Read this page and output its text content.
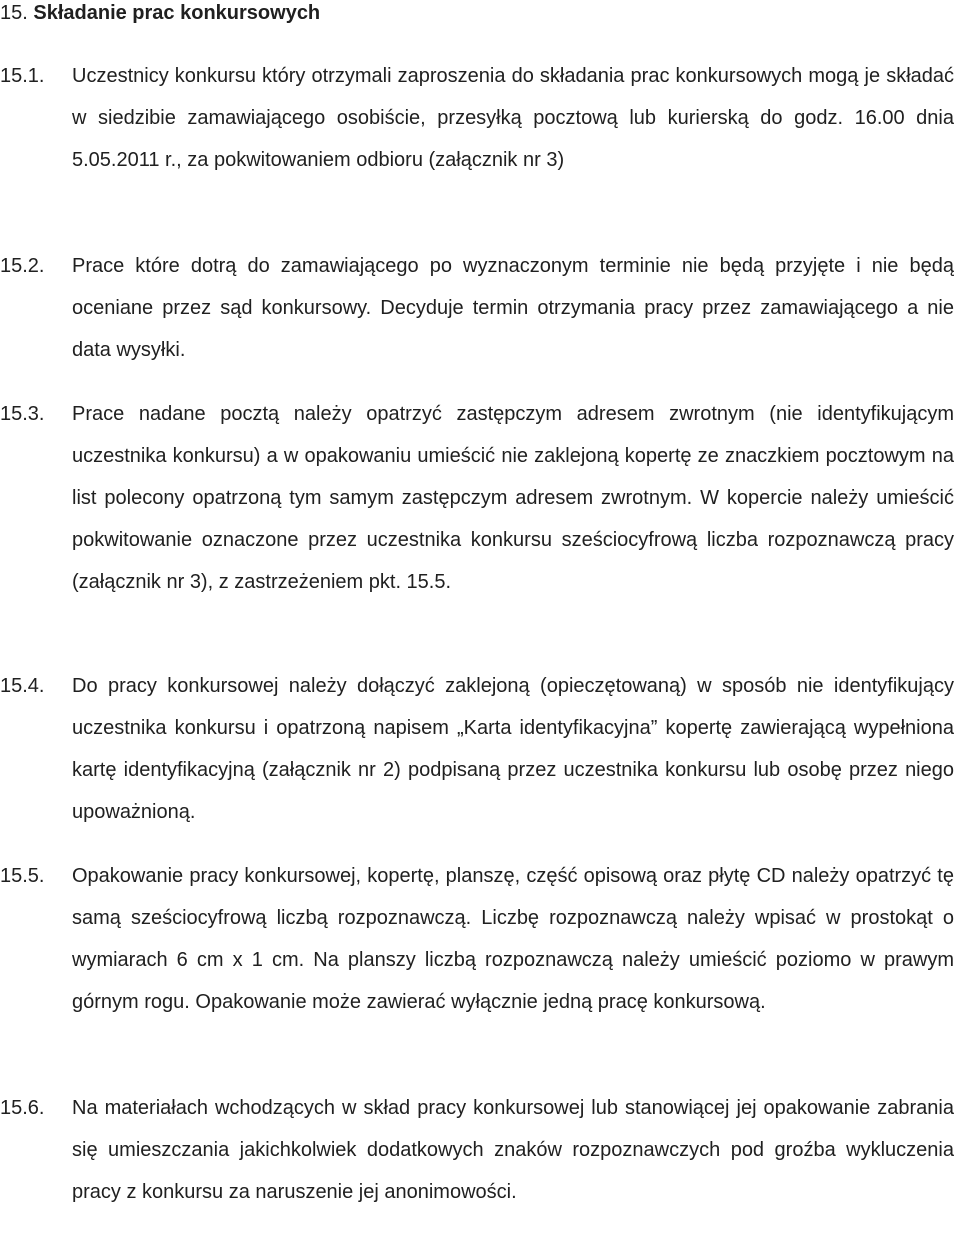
15. Składanie prac konkursowych
15.1. Uczestnicy konkursu który otrzymali zaproszenia do składania prac konkursowych mogą je składać w siedzibie zamawiającego osobiście, przesyłką pocztową lub kurierską do godz. 16.00 dnia 5.05.2011 r., za pokwitowaniem odbioru (załącznik nr 3)

15.2. Prace które dotrą do zamawiającego po wyznaczonym terminie nie będą przyjęte i nie będą oceniane przez sąd konkursowy. Decyduje termin otrzymania pracy przez zamawiającego a nie data wysyłki.

15.3. Prace nadane pocztą należy opatrzyć zastępczym adresem zwrotnym (nie identyfikującym uczestnika konkursu) a w opakowaniu umieścić nie zaklejoną kopertę ze znaczkiem pocztowym na list polecony opatrzoną tym samym zastępczym adresem zwrotnym. W kopercie należy umieścić pokwitowanie oznaczone przez uczestnika konkursu sześciocyfrową liczba rozpoznawczą pracy (załącznik nr 3), z zastrzeżeniem pkt. 15.5.

15.4. Do pracy konkursowej należy dołączyć zaklejoną (opieczętowaną) w sposób nie identyfikujący uczestnika konkursu i opatrzoną napisem „Karta identyfikacyjna” kopertę zawierającą wypełniona kartę identyfikacyjną (załącznik nr 2) podpisaną przez uczestnika konkursu lub osobę przez niego upoważnioną.

15.5. Opakowanie pracy konkursowej, kopertę, planszę, część opisową oraz płytę CD należy opatrzyć tę samą sześciocyfrową liczbą rozpoznawczą. Liczbę rozpoznawczą należy wpisać w prostokąt o wymiarach 6 cm x 1 cm. Na planszy liczbą rozpoznawczą należy umieścić poziomo w prawym górnym rogu. Opakowanie może zawierać wyłącznie jedną pracę konkursową.

15.6. Na materiałach wchodzących w skład pracy konkursowej lub stanowiącej jej opakowanie zabrania się umieszczania jakichkolwiek dodatkowych znaków rozpoznawczych pod groźba wykluczenia pracy z konkursu za naruszenie jej anonimowości.
